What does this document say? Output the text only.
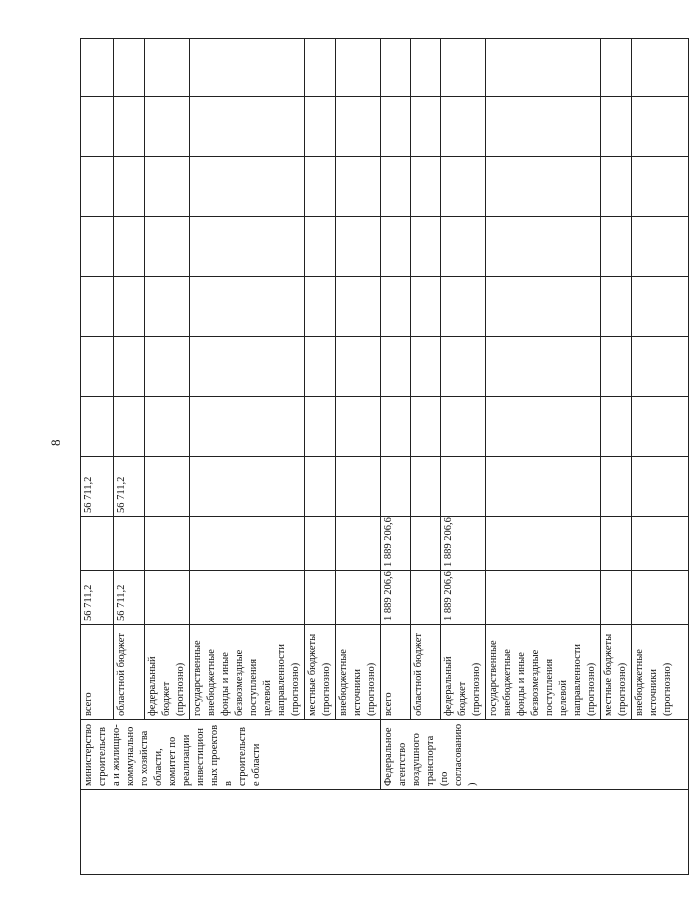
8
	министерство строительства и жилищно-коммунального хозяйства области, комитет по реализации инвестиционных проектов в строительстве области	всего	56 711,2		56 711,2							
		областной бюджет	56 711,2		56 711,2							
		федеральный бюджет (прогнозно)										
		государственные внебюджетные фонды и иные безвозмездные поступления целевой направленности (прогнозно)										
		местные бюджеты (прогнозно)										
		внебюджетные источники (прогнозно)										
	Федеральное агентство воздушного транспорта (по согласованию)	всего	1 889 206,6	1 889 206,6								
		областной бюджет										
		федеральный бюджет (прогнозно)	1 889 206,6	1 889 206,6								
		государственные внебюджетные фонды и иные безвозмездные поступления целевой направленности (прогнозно)										
		местные бюджеты (прогнозно)										
		внебюджетные источники (прогнозно)										
